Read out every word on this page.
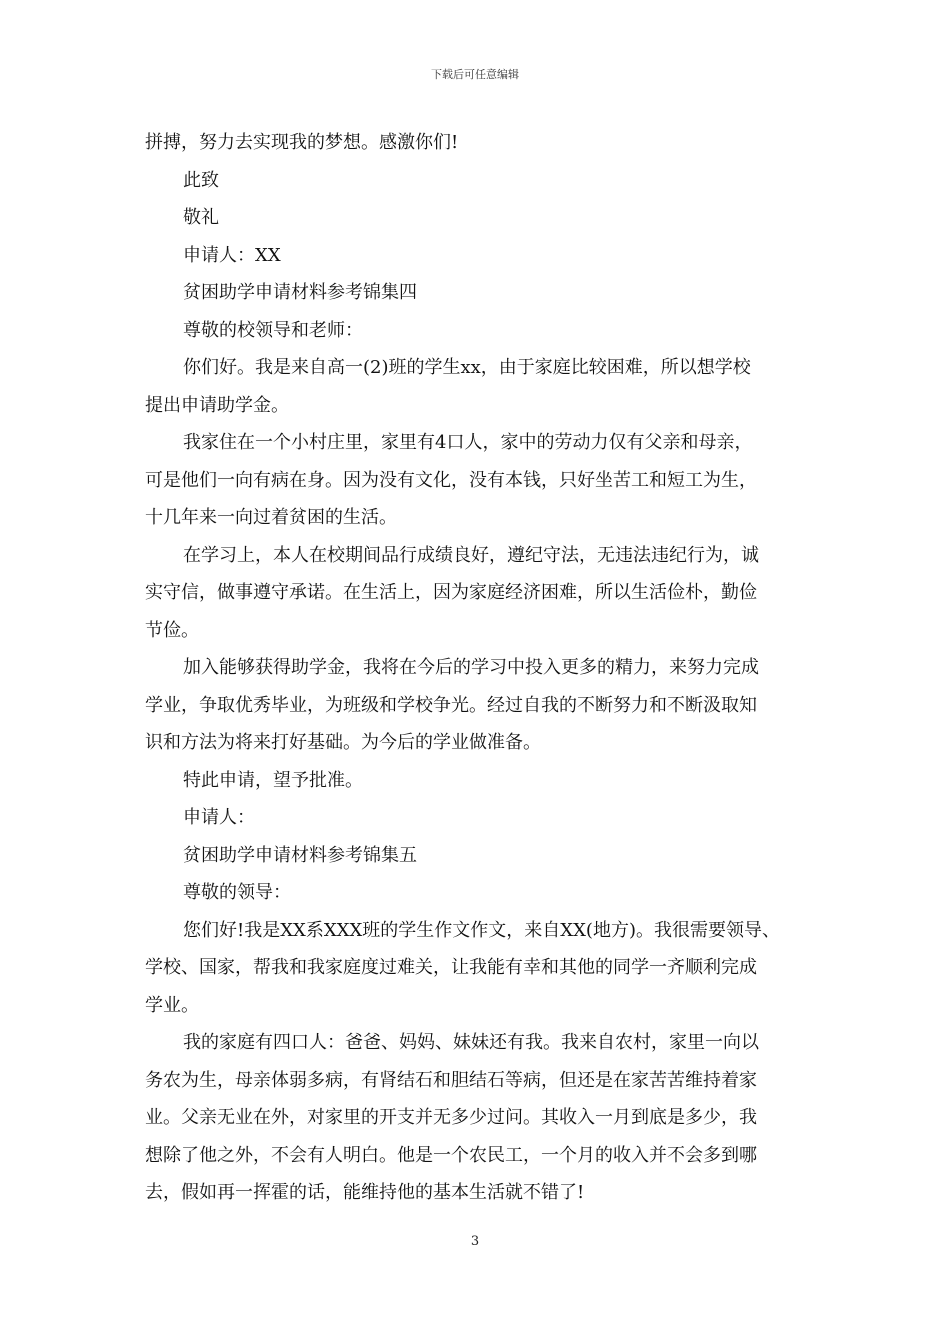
下载后可任意编辑
拼搏，努力去实现我的梦想。感激你们!
此致
敬礼
申请人：XX
贫困助学申请材料参考锦集四
尊敬的校领导和老师：
你们好。我是来自高一(2)班的学生xx，由于家庭比较困难，所以想学校
提出申请助学金。
我家住在一个小村庄里，家里有4口人，家中的劳动力仅有父亲和母亲，
可是他们一向有病在身。因为没有文化，没有本钱，只好坐苦工和短工为生，
十几年来一向过着贫困的生活。
在学习上，本人在校期间品行成绩良好，遵纪守法，无违法违纪行为，诚
实守信，做事遵守承诺。在生活上，因为家庭经济困难，所以生活俭朴，勤俭
节俭。
加入能够获得助学金，我将在今后的学习中投入更多的精力，来努力完成
学业，争取优秀毕业，为班级和学校争光。经过自我的不断努力和不断汲取知
识和方法为将来打好基础。为今后的学业做准备。
特此申请，望予批准。
申请人：
贫困助学申请材料参考锦集五
尊敬的领导：
您们好!我是XX系XXX班的学生作文作文，来自XX(地方)。我很需要领导、
学校、国家，帮我和我家庭度过难关，让我能有幸和其他的同学一齐顺利完成
学业。
我的家庭有四口人：爸爸、妈妈、妹妹还有我。我来自农村，家里一向以
务农为生，母亲体弱多病，有肾结石和胆结石等病，但还是在家苦苦维持着家
业。父亲无业在外，对家里的开支并无多少过问。其收入一月到底是多少，我
想除了他之外，不会有人明白。他是一个农民工，一个月的收入并不会多到哪
去，假如再一挥霍的话，能维持他的基本生活就不错了!
3
